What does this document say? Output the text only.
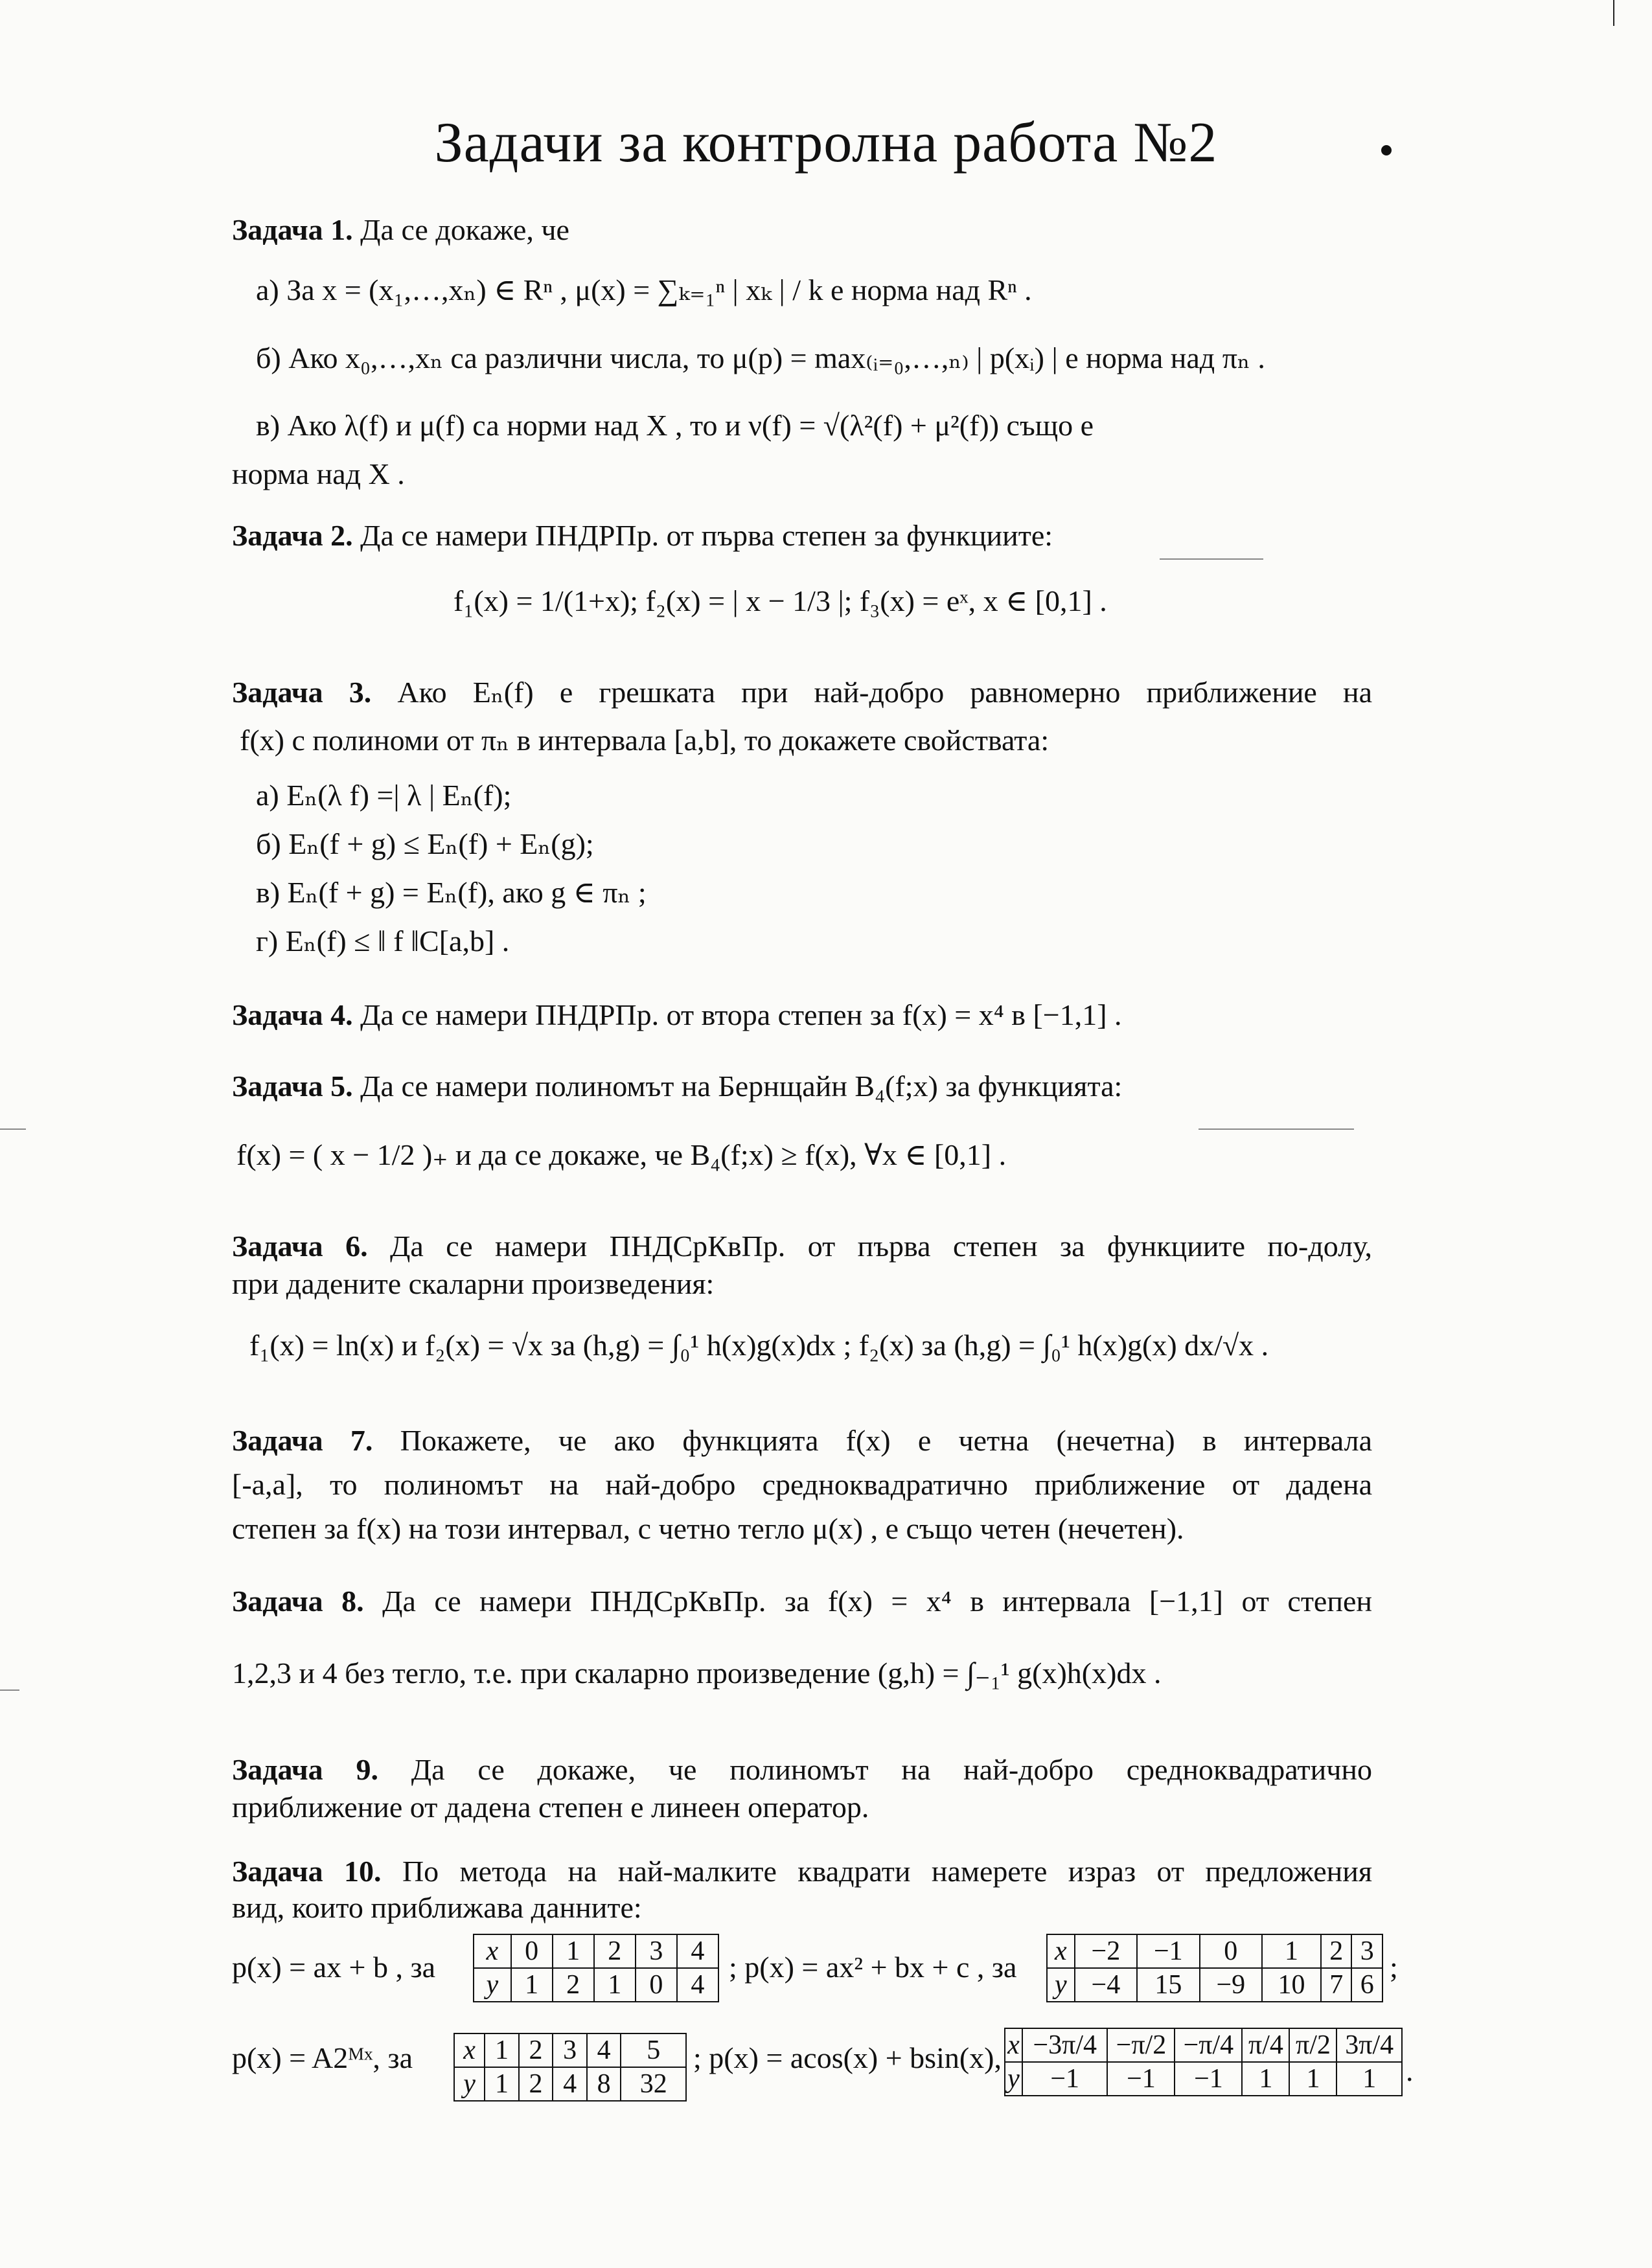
Задачи за контролна работа №2
Задача 1. Да се докаже, че
а) За x = (x₁,…,xₙ) ∈ Rⁿ , μ(x) = ∑ₖ₌₁ⁿ | xₖ | / k е норма над Rⁿ .
б) Ако x₀,…,xₙ са различни числа, то μ(p) = max₍ᵢ₌₀,…,ₙ₎ | p(xᵢ) | е норма над πₙ .
в) Ако λ(f) и μ(f) са норми над X , то и ν(f) = √(λ²(f) + μ²(f)) също е
норма над X .
Задача 2. Да се намери ПНДРПр. от първа степен за функциите:
f₁(x) = 1/(1+x); f₂(x) = | x − 1/3 |; f₃(x) = eˣ, x ∈ [0,1] .
Задача 3. Ако Eₙ(f) е грешката при най-добро равномерно приближение на
f(x) с полиноми от πₙ в интервала [a,b], то докажете свойствата:
а) Eₙ(λ f) =| λ | Eₙ(f);
б) Eₙ(f + g) ≤ Eₙ(f) + Eₙ(g);
в) Eₙ(f + g) = Eₙ(f), ако g ∈ πₙ ;
г) Eₙ(f) ≤ ‖ f ‖C[a,b] .
Задача 4. Да се намери ПНДРПр. от втора степен за f(x) = x⁴ в [−1,1] .
Задача 5. Да се намери полиномът на Бернщайн B₄(f;x) за функцията:
f(x) = ( x − 1/2 )₊ и да се докаже, че B₄(f;x) ≥ f(x), ∀x ∈ [0,1] .
Задача 6. Да се намери ПНДСрКвПр. от първа степен за функциите по-долу,
при дадените скаларни произведения:
f₁(x) = ln(x) и f₂(x) = √x за (h,g) = ∫₀¹ h(x)g(x)dx ; f₂(x) за (h,g) = ∫₀¹ h(x)g(x) dx/√x .
Задача 7. Покажете, че ако функцията f(x) е четна (нечетна) в интервала
[-a,a], то полиномът на най-добро средноквадратично приближение от дадена
степен за f(x) на този интервал, с четно тегло μ(x) , е също четен (нечетен).
Задача 8. Да се намери ПНДСрКвПр. за f(x) = x⁴ в интервала [−1,1] от степен
1,2,3 и 4 без тегло, т.е. при скаларно произведение (g,h) = ∫₋₁¹ g(x)h(x)dx .
Задача 9. Да се докаже, че полиномът на най-добро средноквадратично
приближение от дадена степен е линеен оператор.
Задача 10. По метода на най-малките квадрати намерете израз от предложения
вид, които приближава данните:
p(x) = ax + b , за x	0	1	2	3	4
y	1	2	1	0	4
; p(x) = ax² + bx + c , за x	−2	−1	0	1	2	3
y	−4	15	−9	10	7	6
;
p(x) = A2ᴹˣ, за x	1	2	3	4	5
y	1	2	4	8	32
; p(x) = acos(x) + bsin(x), x	−3π/4	−π/2	−π/4	π/4	π/2	3π/4
y	−1	−1	−1	1	1	1 .
